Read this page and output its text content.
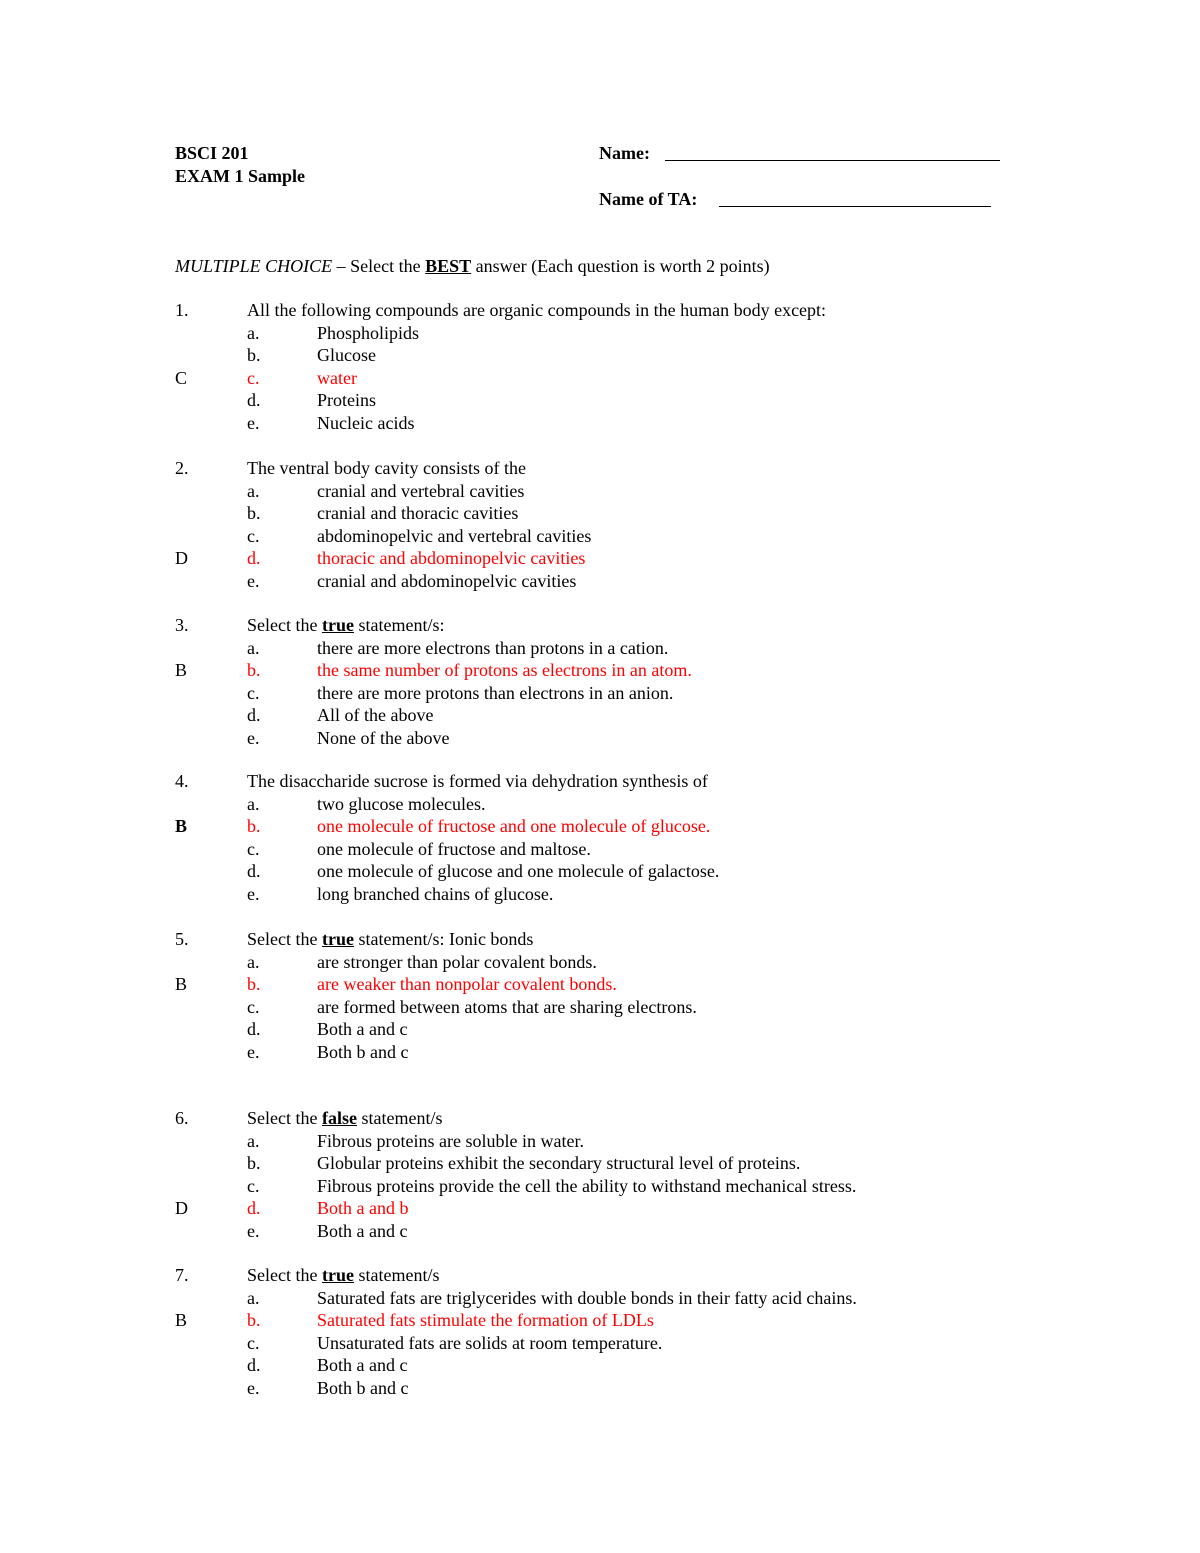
BSCI 201
EXAM 1 Sample
Name:
Name of TA:
MULTIPLE CHOICE – Select the BEST answer (Each question is worth 2 points)
1.	All the following compounds are organic compounds in the human body except:
a.	Phospholipids
b.	Glucose
C	c.	water
d.	Proteins
e.	Nucleic acids
2.	The ventral body cavity consists of the
a.	cranial and vertebral cavities
b.	cranial and thoracic cavities
c.	abdominopelvic and vertebral cavities
D	d.	thoracic and abdominopelvic cavities
e.	cranial and abdominopelvic cavities
3.	Select the true statement/s:
a.	there are more electrons than protons in a cation.
B	b.	the same number of protons as electrons in an atom.
c.	there are more protons than electrons in an anion.
d.	All of the above
e.	None of the above
4.	The disaccharide sucrose is formed via dehydration synthesis of
a.	two glucose molecules.
B	b.	one molecule of fructose and one molecule of glucose.
c.	one molecule of fructose and maltose.
d.	one molecule of glucose and one molecule of galactose.
e.	long branched chains of glucose.
5.	Select the true statement/s: Ionic bonds
a.	are stronger than polar covalent bonds.
B	b.	are weaker than nonpolar covalent bonds.
c.	are formed between atoms that are sharing electrons.
d.	Both a and c
e.	Both b and c
6.	Select the false statement/s
a.	Fibrous proteins are soluble in water.
b.	Globular proteins exhibit the secondary structural level of proteins.
c.	Fibrous proteins provide the cell the ability to withstand mechanical stress.
D	d.	Both a and b
e.	Both a and c
7.	Select the true statement/s
a.	Saturated fats are triglycerides with double bonds in their fatty acid chains.
B	b.	Saturated fats stimulate the formation of LDLs
c.	Unsaturated fats are solids at room temperature.
d.	Both a and c
e.	Both b and c
